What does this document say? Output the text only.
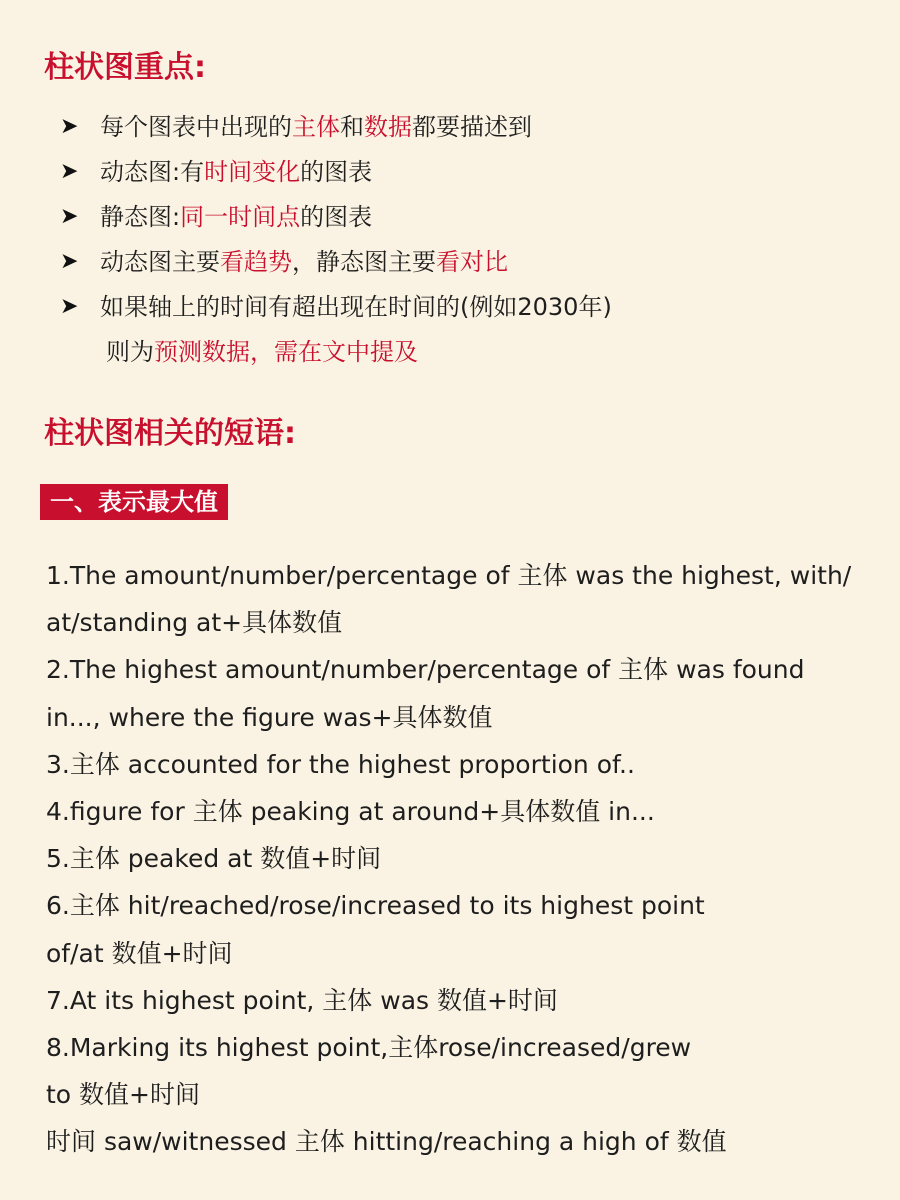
柱状图重点:
➤ 每个图表中出现的主体和数据都要描述到
➤ 动态图:有时间变化的图表
➤ 静态图:同一时间点的图表
➤ 动态图主要看趋势，静态图主要看对比
➤ 如果轴上的时间有超出现在时间的(例如2030年)
则为预测数据，需在文中提及
柱状图相关的短语:
一、表示最大值
1.The amount/number/percentage of 主体 was the highest, with/
at/standing at+具体数值
2.The highest amount/number/percentage of 主体 was found
in..., where the figure was+具体数值
3.主体 accounted for the highest proportion of..
4.figure for 主体 peaking at around+具体数值 in...
5.主体 peaked at 数值+时间
6.主体 hit/reached/rose/increased to its highest point
of/at 数值+时间
7.At its highest point, 主体 was 数值+时间
8.Marking its highest point,主体rose/increased/grew
to 数值+时间
时间 saw/witnessed 主体 hitting/reaching a high of 数值
